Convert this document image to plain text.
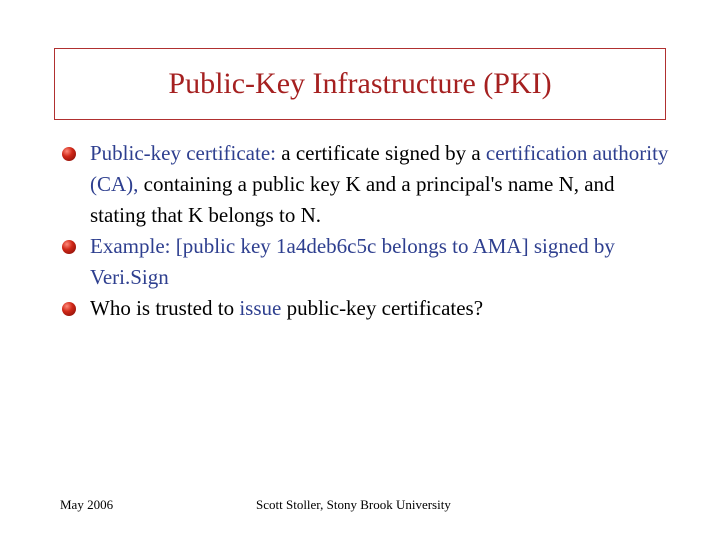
Public-Key Infrastructure (PKI)
Public-key certificate: a certificate signed by a certification authority (CA), containing a public key K and a principal's name N, and stating that K belongs to N.
Example: [public key 1a4deb6c5c belongs to AMA] signed by Veri.Sign
Who is trusted to issue public-key certificates?
May 2006	Scott Stoller, Stony Brook University
